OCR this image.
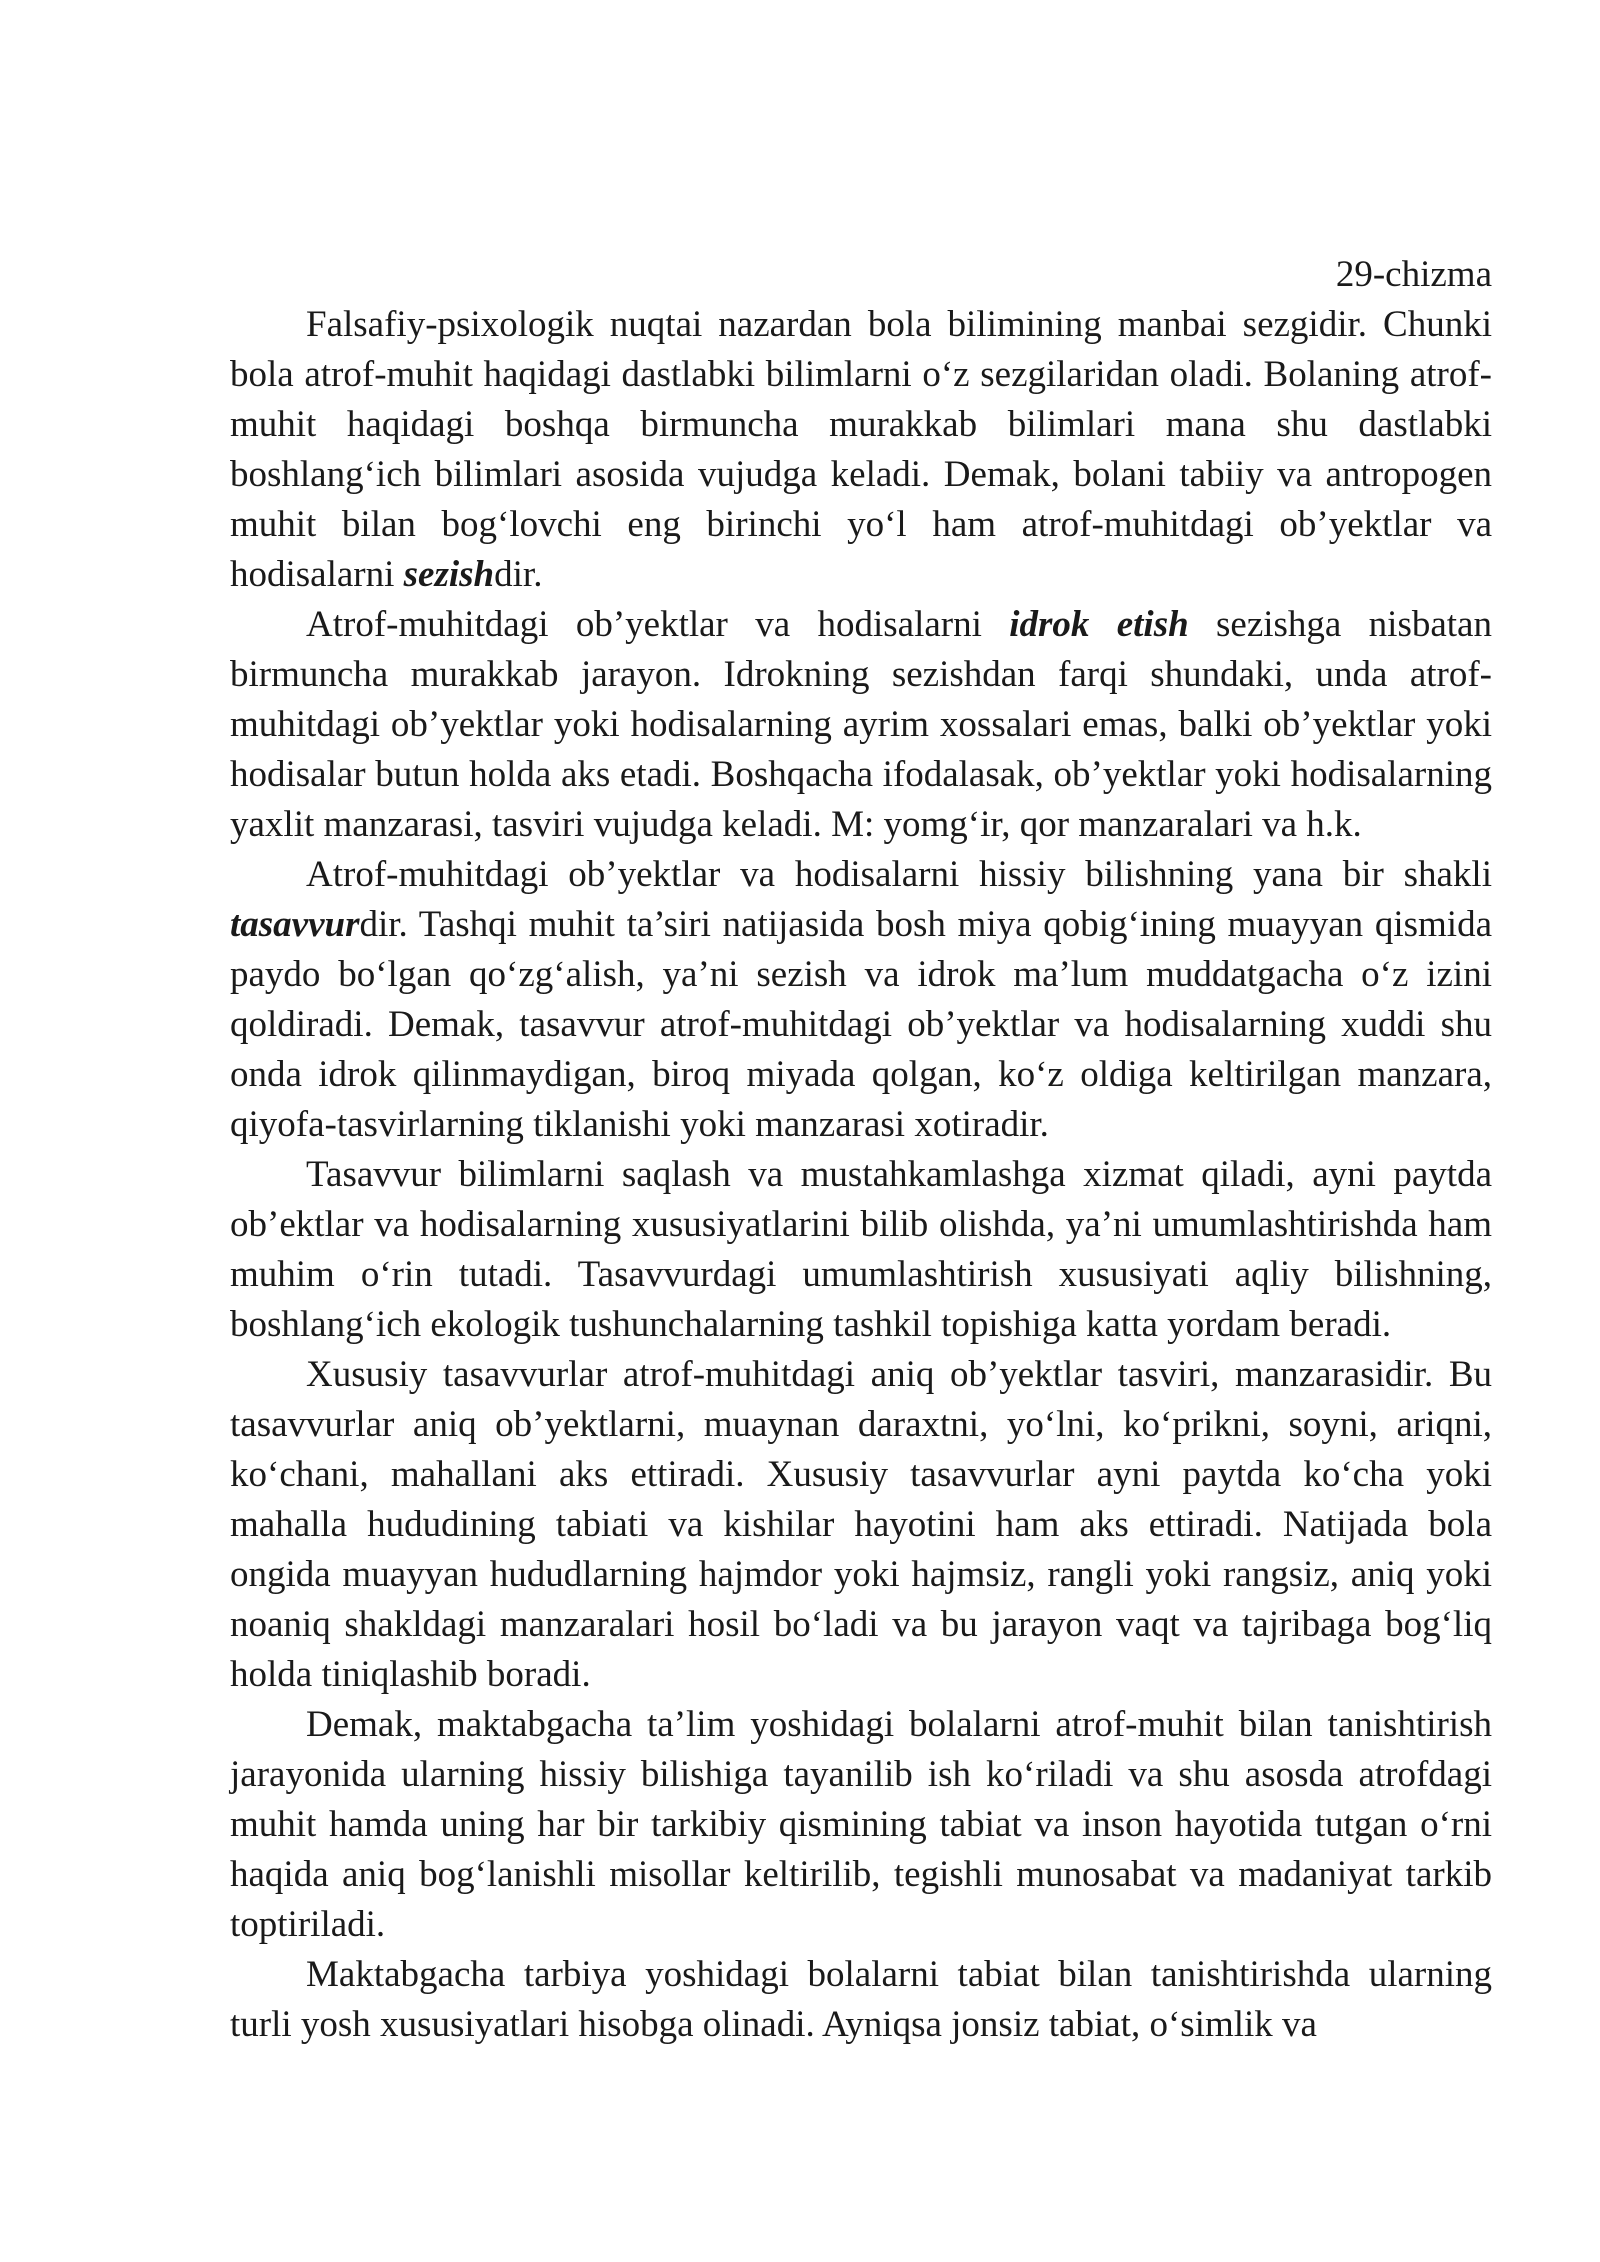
29-chizma

Falsafiy-psixologik nuqtai nazardan bola bilimining manbai sezgidir. Chunki bola atrof-muhit haqidagi dastlabki bilimlarni o‘z sezgilaridan oladi. Bolaning atrof-muhit haqidagi boshqa birmuncha murakkab bilimlari mana shu dastlabki boshlang‘ich bilimlari asosida vujudga keladi. Demak, bolani tabiiy va antropogen muhit bilan bog‘lovchi eng birinchi yo‘l ham atrof-muhitdagi ob’yektlar va hodisalarni sezishdir.

Atrof-muhitdagi ob’yektlar va hodisalarni idrok etish sezishga nisbatan birmuncha murakkab jarayon. Idrokning sezishdan farqi shundaki, unda atrof-muhitdagi ob’yektlar yoki hodisalarning ayrim xossalari emas, balki ob’yektlar yoki hodisalar butun holda aks etadi. Boshqacha ifodalasak, ob’yektlar yoki hodisalarning yaxlit manzarasi, tasviri vujudga keladi. M: yomg‘ir, qor manzaralari va h.k.

Atrof-muhitdagi ob’yektlar va hodisalarni hissiy bilishning yana bir shakli tasavvurdir. Tashqi muhit ta’siri natijasida bosh miya qobig‘ining muayyan qismida paydo bo‘lgan qo‘zg‘alish, ya’ni sezish va idrok ma’lum muddatgacha o‘z izini qoldiradi. Demak, tasavvur atrof-muhitdagi ob’yektlar va hodisalarning xuddi shu onda idrok qilinmaydigan, biroq miyada qolgan, ko‘z oldiga keltirilgan manzara, qiyofa-tasvirlarning tiklanishi yoki manzarasi xotiradir.

Tasavvur bilimlarni saqlash va mustahkamlashga xizmat qiladi, ayni paytda ob’ektlar va hodisalarning xususiyatlarini bilib olishda, ya’ni umumlashtirishda ham muhim o‘rin tutadi. Tasavvurdagi umumlashtirish xususiyati aqliy bilishning, boshlang‘ich ekologik tushunchalarning tashkil topishiga katta yordam beradi.

Xususiy tasavvurlar atrof-muhitdagi aniq ob’yektlar tasviri, manzarasidir. Bu tasavvurlar aniq ob’yektlarni, muaynan daraxtni, yo‘lni, ko‘prikni, soyni, ariqni, ko‘chani, mahallani aks ettiradi. Xususiy tasavvurlar ayni paytda ko‘cha yoki mahalla hududining tabiati va kishilar hayotini ham aks ettiradi. Natijada bola ongida muayyan hududlarning hajmdor yoki hajmsiz, rangli yoki rangsiz, aniq yoki noaniq shakldagi manzaralari hosil bo‘ladi va bu jarayon vaqt va tajribaga bog‘liq holda tiniqlashib boradi.

Demak, maktabgacha ta’lim yoshidagi bolalarni atrof-muhit bilan tanishtirish jarayonida ularning hissiy bilishiga tayanilib ish ko‘riladi va shu asosda atrofdagi muhit hamda uning har bir tarkibiy qismining tabiat va inson hayotida tutgan o‘rni haqida aniq bog‘lanishli misollar keltirilib, tegishli munosabat va madaniyat tarkib toptiriladi.

Maktabgacha tarbiya yoshidagi bolalarni tabiat bilan tanishtirishda ularning turli yosh xususiyatlari hisobga olinadi. Ayniqsa jonsiz tabiat, o‘simlik va
